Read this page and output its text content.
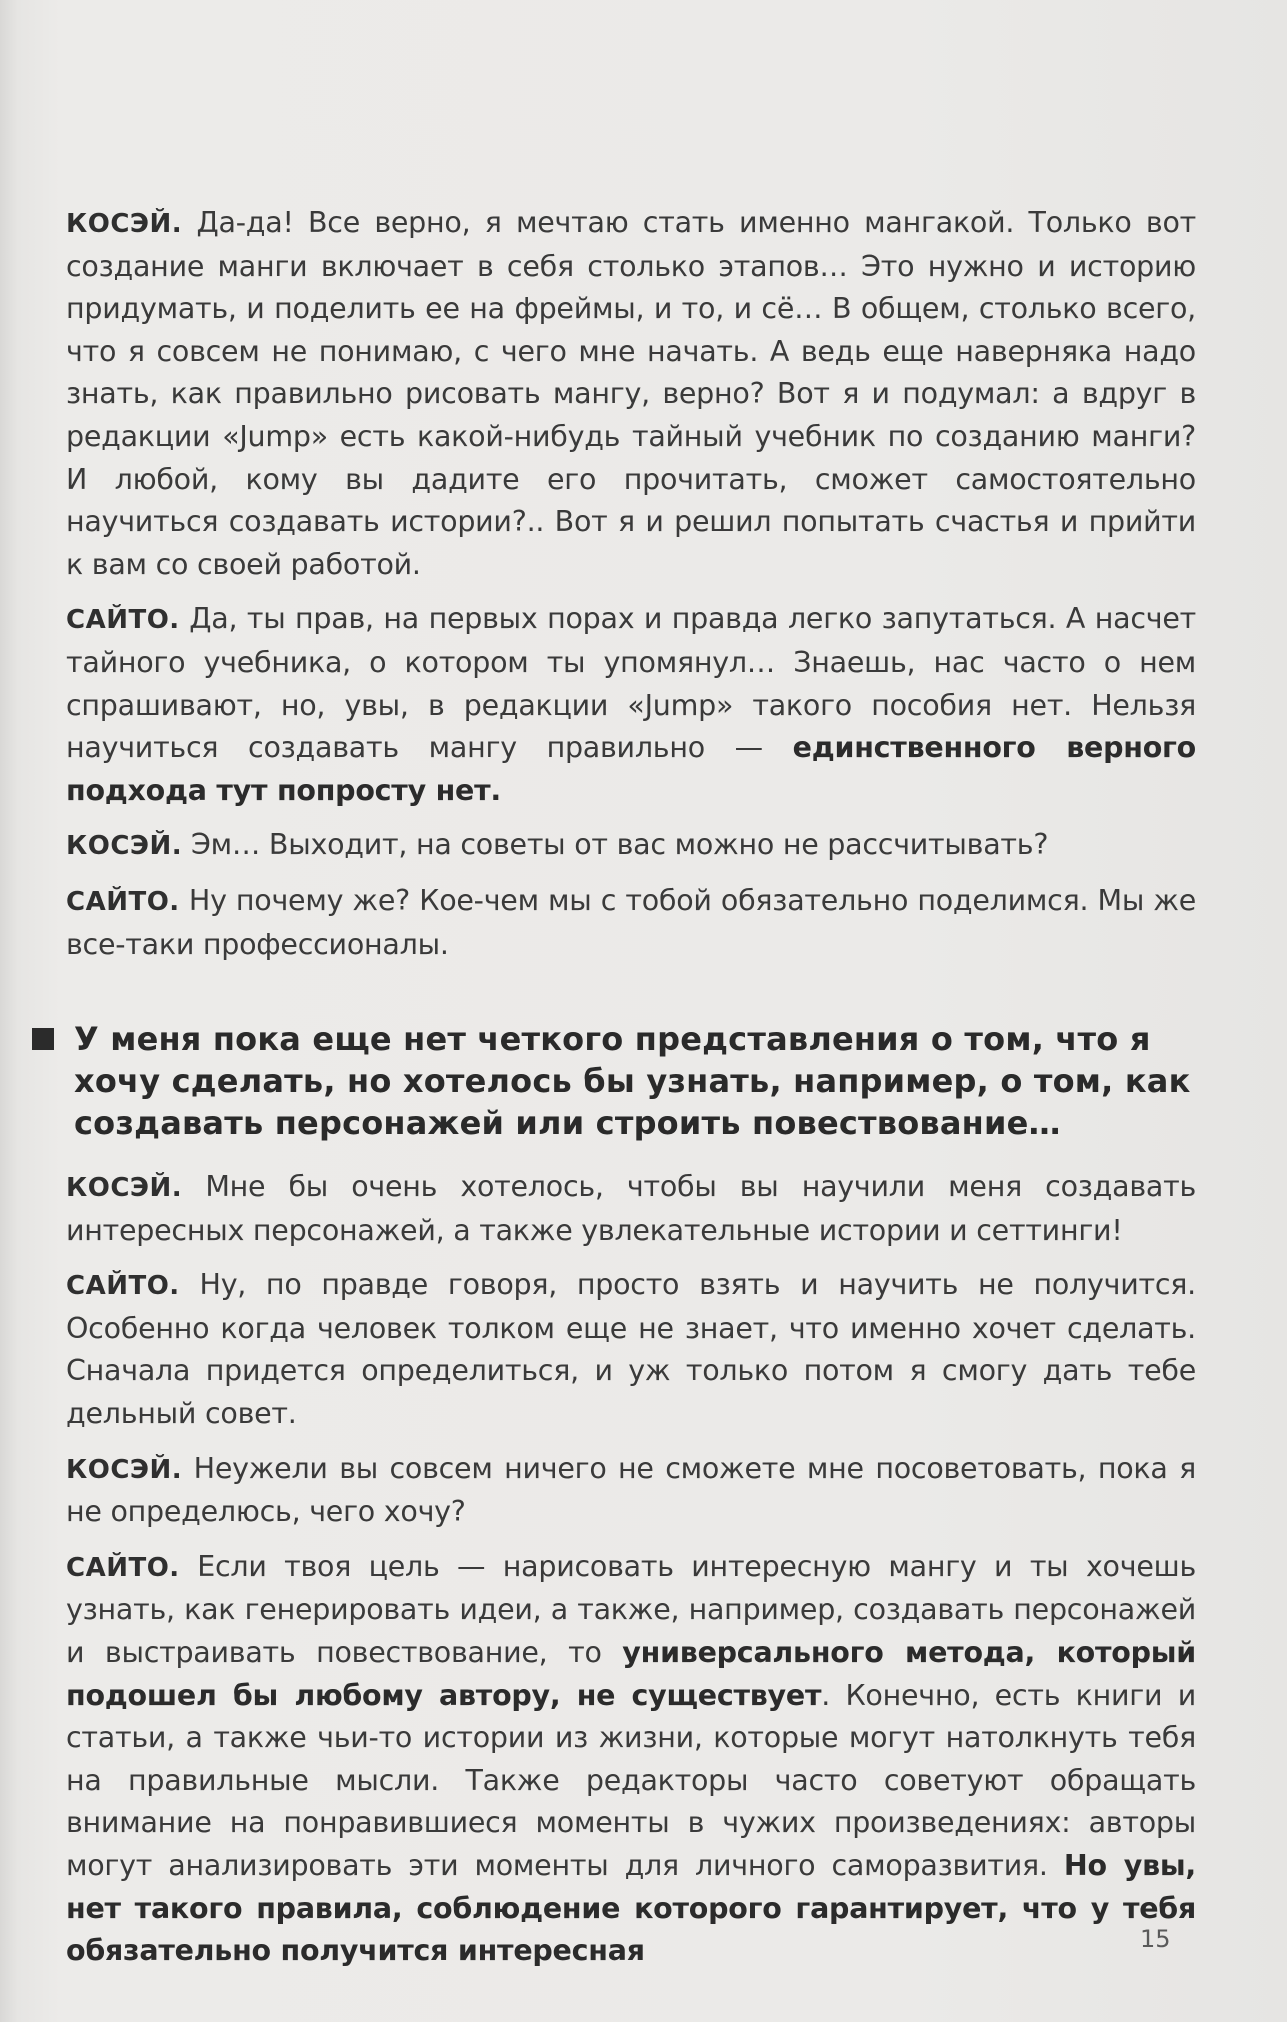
КОСЭЙ. Да-да! Все верно, я мечтаю стать именно мангакой. Только вот создание манги включает в себя столько этапов… Это нужно и историю придумать, и поделить ее на фреймы, и то, и сё… В общем, столько всего, что я совсем не понимаю, с чего мне начать. А ведь еще наверняка надо знать, как правильно рисовать мангу, верно? Вот я и подумал: а вдруг в редакции «Jump» есть какой-нибудь тайный учебник по созданию манги? И любой, кому вы дадите его прочитать, сможет самостоятельно научиться создавать истории?.. Вот я и решил попытать счастья и прийти к вам со своей работой.

САЙТО. Да, ты прав, на первых порах и правда легко запутаться. А насчет тайного учебника, о котором ты упомянул… Знаешь, нас часто о нем спрашивают, но, увы, в редакции «Jump» такого пособия нет. Нельзя научиться создавать мангу правильно — единственного верного подхода тут попросту нет.

КОСЭЙ. Эм… Выходит, на советы от вас можно не рассчитывать?

САЙТО. Ну почему же? Кое-чем мы с тобой обязательно поделимся. Мы же все-таки профессионалы.

У меня пока еще нет четкого представления о том, что я хочу сделать, но хотелось бы узнать, например, о том, как создавать персонажей или строить повествование…

КОСЭЙ. Мне бы очень хотелось, чтобы вы научили меня создавать интересных персонажей, а также увлекательные истории и сеттинги!

САЙТО. Ну, по правде говоря, просто взять и научить не получится. Особенно когда человек толком еще не знает, что именно хочет сделать. Сначала придется определиться, и уж только потом я смогу дать тебе дельный совет.

КОСЭЙ. Неужели вы совсем ничего не сможете мне посоветовать, пока я не определюсь, чего хочу?

САЙТО. Если твоя цель — нарисовать интересную мангу и ты хочешь узнать, как генерировать идеи, а также, например, создавать персонажей и выстраивать повествование, то универсального метода, который подошел бы любому автору, не существует. Конечно, есть книги и статьи, а также чьи-то истории из жизни, которые могут натолкнуть тебя на правильные мысли. Также редакторы часто советуют обращать внимание на понравившиеся моменты в чужих произведениях: авторы могут анализировать эти моменты для личного саморазвития. Но увы, нет такого правила, соблюдение которого гарантирует, что у тебя обязательно получится интересная	15
